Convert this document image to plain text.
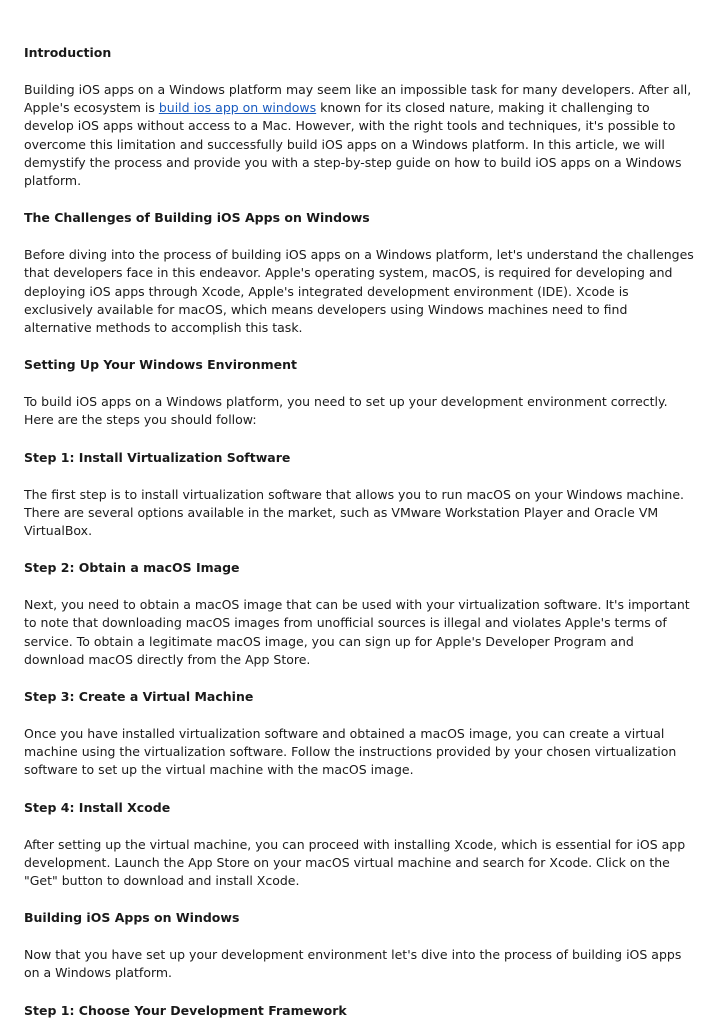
Introduction

Building iOS apps on a Windows platform may seem like an impossible task for many developers. After all, Apple's ecosystem is build ios app on windows known for its closed nature, making it challenging to develop iOS apps without access to a Mac. However, with the right tools and techniques, it's possible to overcome this limitation and successfully build iOS apps on a Windows platform. In this article, we will demystify the process and provide you with a step-by-step guide on how to build iOS apps on a Windows platform.

The Challenges of Building iOS Apps on Windows

Before diving into the process of building iOS apps on a Windows platform, let's understand the challenges that developers face in this endeavor. Apple's operating system, macOS, is required for developing and deploying iOS apps through Xcode, Apple's integrated development environment (IDE). Xcode is exclusively available for macOS, which means developers using Windows machines need to find alternative methods to accomplish this task.

Setting Up Your Windows Environment

To build iOS apps on a Windows platform, you need to set up your development environment correctly. Here are the steps you should follow:

Step 1: Install Virtualization Software

The first step is to install virtualization software that allows you to run macOS on your Windows machine. There are several options available in the market, such as VMware Workstation Player and Oracle VM VirtualBox.

Step 2: Obtain a macOS Image

Next, you need to obtain a macOS image that can be used with your virtualization software. It's important to note that downloading macOS images from unofficial sources is illegal and violates Apple's terms of service. To obtain a legitimate macOS image, you can sign up for Apple's Developer Program and download macOS directly from the App Store.

Step 3: Create a Virtual Machine

Once you have installed virtualization software and obtained a macOS image, you can create a virtual machine using the virtualization software. Follow the instructions provided by your chosen virtualization software to set up the virtual machine with the macOS image.

Step 4: Install Xcode

After setting up the virtual machine, you can proceed with installing Xcode, which is essential for iOS app development. Launch the App Store on your macOS virtual machine and search for Xcode. Click on the "Get" button to download and install Xcode.

Building iOS Apps on Windows

Now that you have set up your development environment let's dive into the process of building iOS apps on a Windows platform.

Step 1: Choose Your Development Framework
